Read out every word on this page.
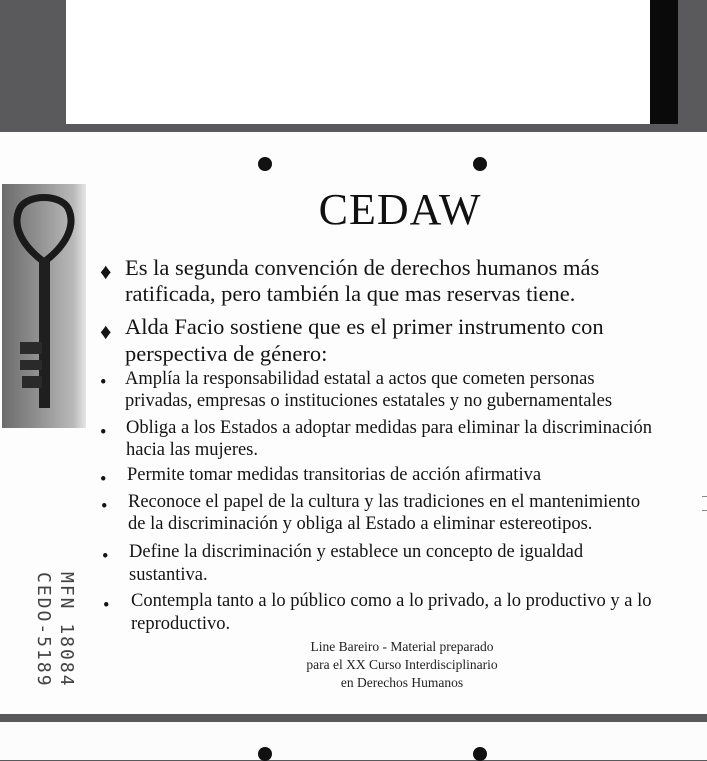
CEDAW
♦ Es la segunda convención de derechos humanos más
ratificada, pero también la que mas reservas tiene.
♦ Alda Facio sostiene que es el primer instrumento con
perspectiva de género:
• Amplía la responsabilidad estatal a actos que cometen personas
privadas, empresas o instituciones estatales y no gubernamentales
• Obliga a los Estados a adoptar medidas para eliminar la discriminación
hacia las mujeres.
• Permite tomar medidas transitorias de acción afirmativa
• Reconoce el papel de la cultura y las tradiciones en el mantenimiento
de la discriminación y obliga al Estado a eliminar estereotipos.
• Define la discriminación y establece un concepto de igualdad
sustantiva.
• Contempla tanto a lo público como a lo privado, a lo productivo y a lo
reproductivo.
Line Bareiro - Material preparado
para el XX Curso Interdisciplinario
en Derechos Humanos
MFN 18084
CEDO-5189
